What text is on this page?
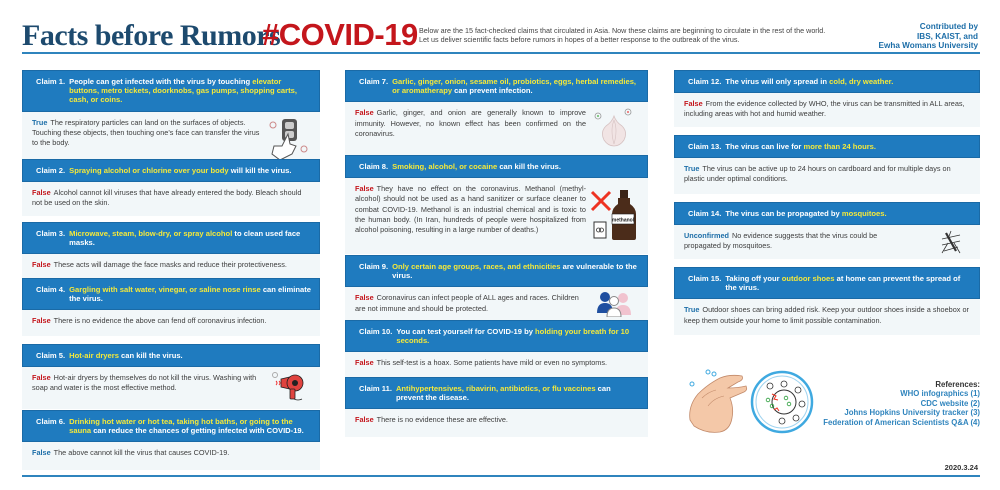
Facts before Rumors
#COVID-19 Below are the 15 fact-checked claims that circulated in Asia. Now these claims are beginning to circulate in the rest of the world.
Let us deliver scientific facts before rumors in hopes of a better response to the outbreak of the virus.
Contributed by
IBS, KAIST, and
Ewha Womans University
Claim 1. People can get infected with the virus by touching elevator buttons, metro tickets, doorknobs, gas pumps, shopping carts, cash, or coins.
True The respiratory particles can land on the surfaces of objects. Touching these objects, then touching one’s face can transfer the virus to the body.
Claim 2. Spraying alcohol or chlorine over your body will kill the virus.
False Alcohol cannot kill viruses that have already entered the body. Bleach should not be used on the skin.
Claim 3. Microwave, steam, blow-dry, or spray alcohol to clean used face masks.
False These acts will damage the face masks and reduce their protectiveness.
Claim 4. Gargling with salt water, vinegar, or saline nose rinse can eliminate the virus.
False There is no evidence the above can fend off coronavirus infection.
Claim 5. Hot-air dryers can kill the virus.
False Hot-air dryers by themselves do not kill the virus. Washing with soap and water is the most effective method.
Claim 6. Drinking hot water or hot tea, taking hot baths, or going to the sauna can reduce the chances of getting infected with COVID-19.
False The above cannot kill the virus that causes COVID-19.
Claim 7. Garlic, ginger, onion, sesame oil, probiotics, eggs, herbal remedies, or aromatherapy can prevent infection.
False Garlic, ginger, and onion are generally known to improve immunity. However, no known effect has been confirmed on the coronavirus.
Claim 8. Smoking, alcohol, or cocaine can kill the virus.
False They have no effect on the coronavirus. Methanol (methyl-alcohol) should not be used as a hand sanitizer or surface cleaner to combat COVID-19. Methanol is an industrial chemical and is toxic to the human body. (In Iran, hundreds of people were hospitalized from alcohol poisoning, resulting in a large number of deaths.)
methanol
Claim 9. Only certain age groups, races, and ethnicities are vulnerable to the virus.
False Coronavirus can infect people of ALL ages and races. Children are not immune and should be protected.
Claim 10. You can test yourself for COVID-19 by holding your breath for 10 seconds.
False This self-test is a hoax. Some patients have mild or even no symptoms.
Claim 11. Antihypertensives, ribavirin, antibiotics, or flu vaccines can prevent the disease.
False There is no evidence these are effective.
Claim 12. The virus will only spread in cold, dry weather.
False From the evidence collected by WHO, the virus can be transmitted in ALL areas, including areas with hot and humid weather.
Claim 13. The virus can live for more than 24 hours.
True The virus can be active up to 24 hours on cardboard and for multiple days on plastic under optimal conditions.
Claim 14. The virus can be propagated by mosquitoes.
Unconfirmed No evidence suggests that the virus could be propagated by mosquitoes.
Claim 15. Taking off your outdoor shoes at home can prevent the spread of the virus.
True Outdoor shoes can bring added risk. Keep your outdoor shoes inside a shoebox or keep them outside your home to limit possible contamination.
References:
WHO infographics (1)
CDC website (2)
Johns Hopkins University tracker (3)
Federation of American Scientists Q&A (4)
2020.3.24
